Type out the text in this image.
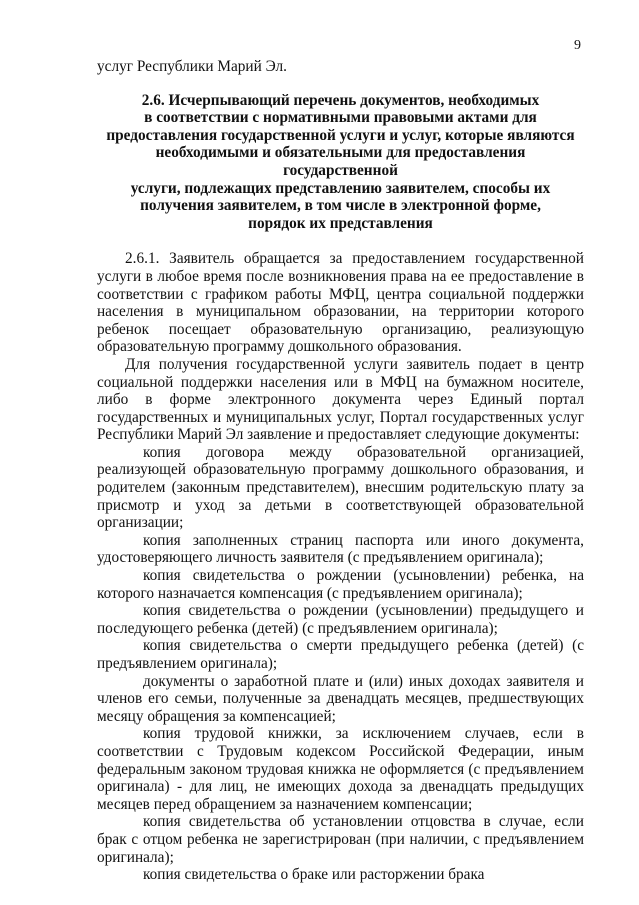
9

услуг Республики Марий Эл.

2.6. Исчерпывающий перечень документов, необходимых
в соответствии с нормативными правовыми актами для
предоставления государственной услуги и услуг, которые являются
необходимыми и обязательными для предоставления государственной
услуги, подлежащих представлению заявителем, способы их
получения заявителем, в том числе в электронной форме,
порядок их представления

2.6.1. Заявитель обращается за предоставлением государственной услуги в любое время после возникновения права на ее предоставление в соответствии с графиком работы МФЦ, центра социальной поддержки населения в муниципальном образовании, на территории которого ребенок посещает образовательную организацию, реализующую образовательную программу дошкольного образования.

Для получения государственной услуги заявитель подает в центр социальной поддержки населения или в МФЦ на бумажном носителе, либо в форме электронного документа через Единый портал государственных и муниципальных услуг, Портал государственных услуг Республики Марий Эл заявление и предоставляет следующие документы:

копия договора между образовательной организацией, реализующей образовательную программу дошкольного образования, и родителем (законным представителем), внесшим родительскую плату за присмотр и уход за детьми в соответствующей образовательной организации;

копия заполненных страниц паспорта или иного документа, удостоверяющего личность заявителя (с предъявлением оригинала);

копия свидетельства о рождении (усыновлении) ребенка, на которого назначается компенсация (с предъявлением оригинала);

копия свидетельства о рождении (усыновлении) предыдущего и последующего ребенка (детей) (с предъявлением оригинала);

копия свидетельства о смерти предыдущего ребенка (детей) (с предъявлением оригинала);

документы о заработной плате и (или) иных доходах заявителя и членов его семьи, полученные за двенадцать месяцев, предшествующих месяцу обращения за компенсацией;

копия трудовой книжки, за исключением случаев, если в соответствии с Трудовым кодексом Российской Федерации, иным федеральным законом трудовая книжка не оформляется (с предъявлением оригинала) - для лиц, не имеющих дохода за двенадцать предыдущих месяцев перед обращением за назначением компенсации;

копия свидетельства об установлении отцовства в случае, если брак с отцом ребенка не зарегистрирован (при наличии, с предъявлением оригинала);

копия свидетельства о браке или расторжении брака
